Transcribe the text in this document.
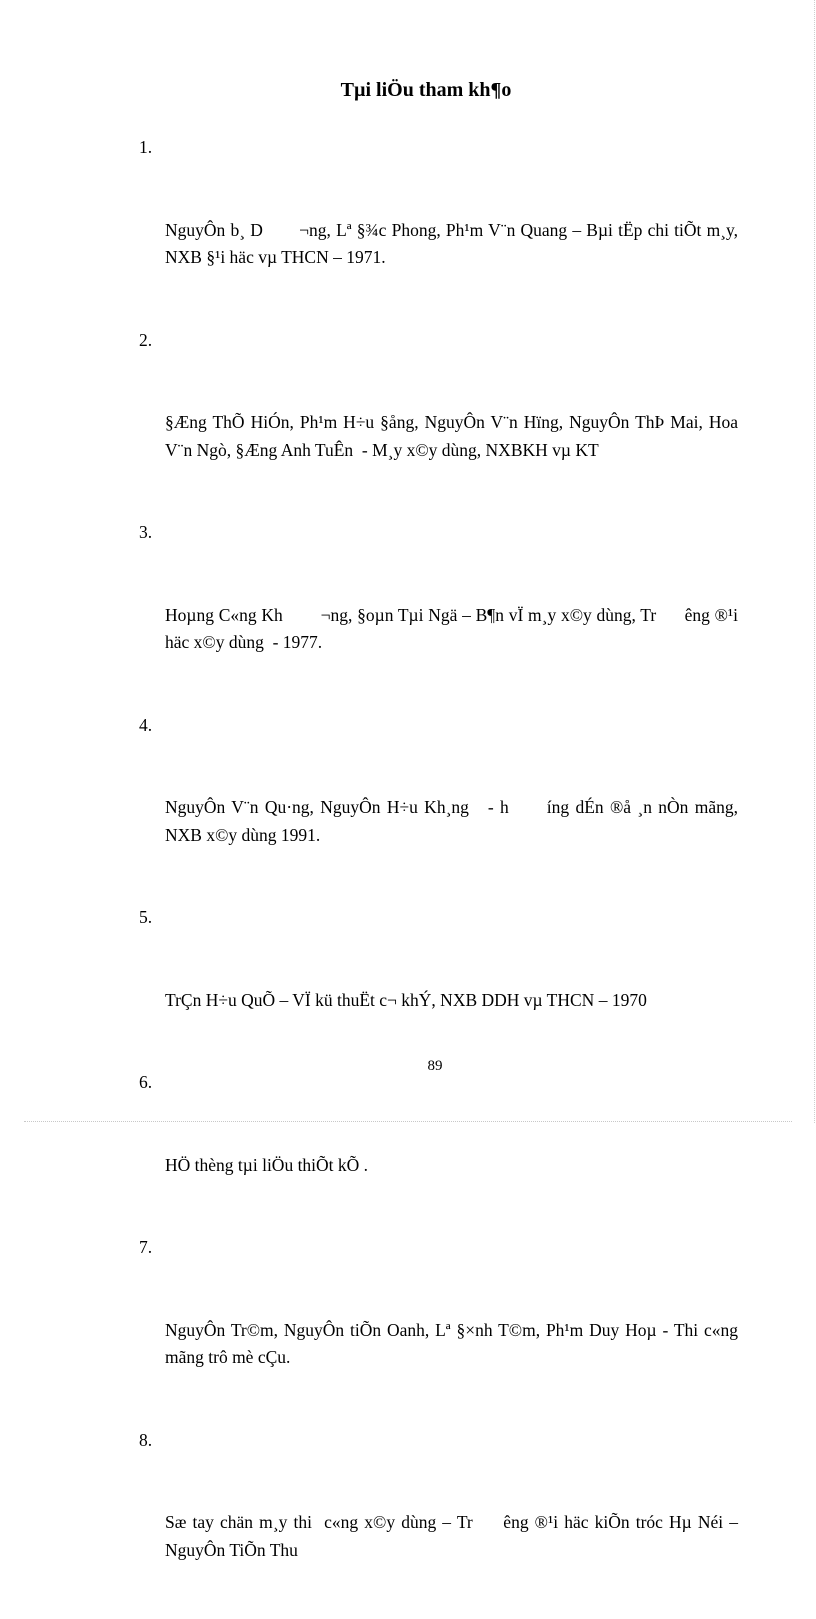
Tµi liÖu tham kh¶o

1.

NguyÔn b¸ D       ¬ng, Lª §¾c Phong, Ph¹m V¨n Quang – Bµi tËp chi tiÕt m¸y, NXB §¹i häc vµ THCN – 1971.

2.

§Æng ThÕ HiÓn, Ph¹m H÷u §ång, NguyÔn V¨n Hïng, NguyÔn ThÞ Mai, Hoa V¨n Ngò, §Æng Anh TuÊn  - M¸y x©y dùng, NXBKH vµ KT

3.

Hoµng C«ng Kh        ¬ng, §oµn Tµi Ngä – B¶n vÏ m¸y x©y dùng, Tr      êng ®¹i häc x©y dùng  - 1977.

4.

NguyÔn V¨n Qu·ng, NguyÔn H÷u Kh¸ng   - h      íng dÉn ®å ¸n nÒn mãng, NXB x©y dùng 1991.

5.

TrÇn H÷u QuÕ – VÏ kü thuËt c¬ khÝ, NXB DDH vµ THCN – 1970

6.

HÖ thèng tµi liÖu thiÕt kÕ .

7.

NguyÔn Tr©m, NguyÔn tiÕn Oanh, Lª §×nh T©m, Ph¹m Duy Hoµ - Thi c«ng mãng trô mè cÇu.

8.

Sæ tay chän m¸y thi  c«ng x©y dùng – Tr     êng ®¹i häc kiÕn tróc Hµ Néi – NguyÔn TiÕn Thu

89
